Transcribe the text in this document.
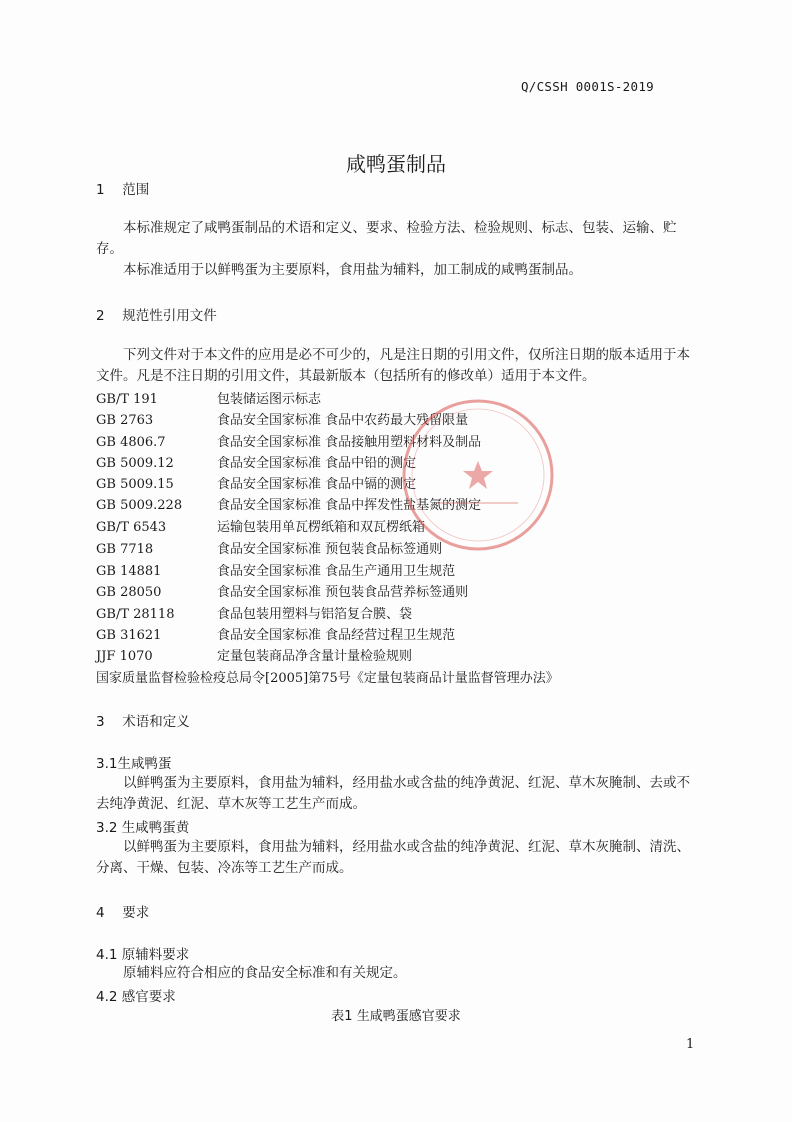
Q/CSSH 0001S-2019
咸鸭蛋制品
1 范围
本标准规定了咸鸭蛋制品的术语和定义、要求、检验方法、检验规则、标志、包装、运输、贮存。
本标准适用于以鲜鸭蛋为主要原料，食用盐为辅料，加工制成的咸鸭蛋制品。
2 规范性引用文件
下列文件对于本文件的应用是必不可少的，凡是注日期的引用文件，仅所注日期的版本适用于本文件。凡是不注日期的引用文件，其最新版本（包括所有的修改单）适用于本文件。
GB/T 191	包装储运图示标志
GB 2763	食品安全国家标准 食品中农药最大残留限量
GB 4806.7	食品安全国家标准 食品接触用塑料材料及制品
GB 5009.12	食品安全国家标准 食品中铅的测定
GB 5009.15	食品安全国家标准 食品中镉的测定
GB 5009.228	食品安全国家标准 食品中挥发性盐基氮的测定
GB/T 6543	运输包装用单瓦楞纸箱和双瓦楞纸箱
GB 7718	食品安全国家标准 预包装食品标签通则
GB 14881	食品安全国家标准 食品生产通用卫生规范
GB 28050	食品安全国家标准 预包装食品营养标签通则
GB/T 28118	食品包装用塑料与铝箔复合膜、袋
GB 31621	食品安全国家标准 食品经营过程卫生规范
JJF 1070	定量包装商品净含量计量检验规则
国家质量监督检验检疫总局令[2005]第75号《定量包装商品计量监督管理办法》
3 术语和定义
3.1生咸鸭蛋
以鲜鸭蛋为主要原料，食用盐为辅料，经用盐水或含盐的纯净黄泥、红泥、草木灰腌制、去或不去纯净黄泥、红泥、草木灰等工艺生产而成。
3.2 生咸鸭蛋黄
以鲜鸭蛋为主要原料，食用盐为辅料，经用盐水或含盐的纯净黄泥、红泥、草木灰腌制、清洗、分离、干燥、包装、冷冻等工艺生产而成。
4 要求
4.1 原辅料要求
原辅料应符合相应的食品安全标准和有关规定。
4.2 感官要求
表1 生咸鸭蛋感官要求
1
